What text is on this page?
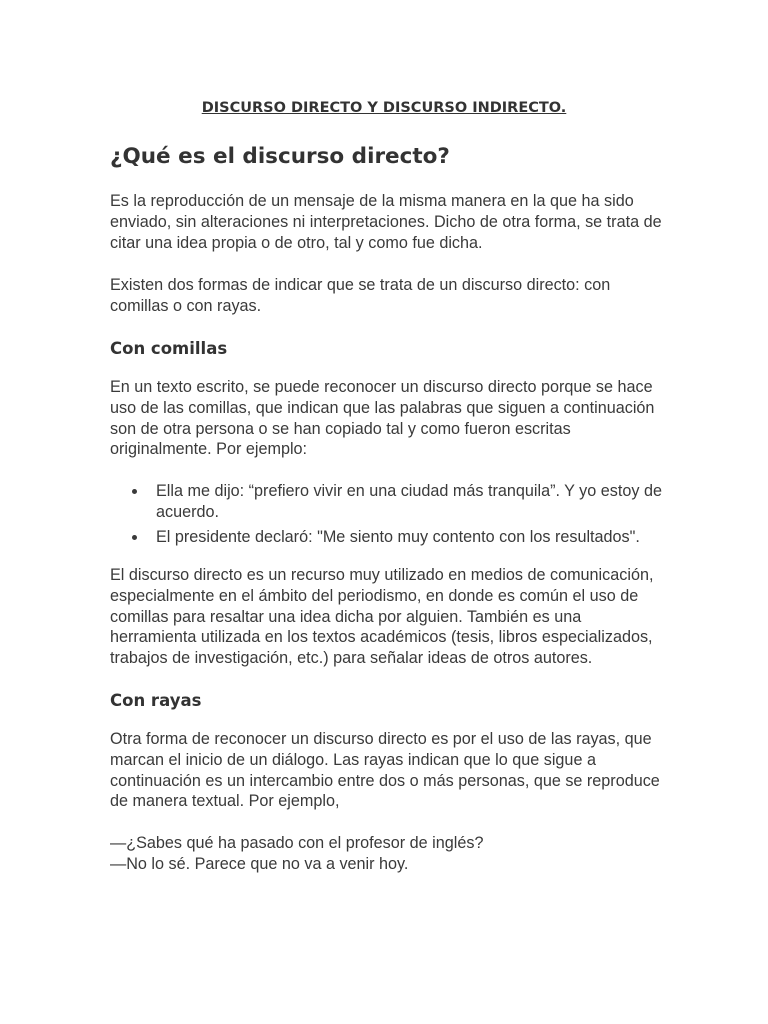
DISCURSO DIRECTO Y DISCURSO INDIRECTO.

¿Qué es el discurso directo?

Es la reproducción de un mensaje de la misma manera en la que ha sido enviado, sin alteraciones ni interpretaciones. Dicho de otra forma, se trata de citar una idea propia o de otro, tal y como fue dicha.

Existen dos formas de indicar que se trata de un discurso directo: con comillas o con rayas.

Con comillas

En un texto escrito, se puede reconocer un discurso directo porque se hace uso de las comillas, que indican que las palabras que siguen a continuación son de otra persona o se han copiado tal y como fueron escritas originalmente. Por ejemplo:

Ella me dijo: “prefiero vivir en una ciudad más tranquila”. Y yo estoy de acuerdo.
El presidente declaró: "Me siento muy contento con los resultados".

El discurso directo es un recurso muy utilizado en medios de comunicación, especialmente en el ámbito del periodismo, en donde es común el uso de comillas para resaltar una idea dicha por alguien. También es una herramienta utilizada en los textos académicos (tesis, libros especializados, trabajos de investigación, etc.) para señalar ideas de otros autores.

Con rayas

Otra forma de reconocer un discurso directo es por el uso de las rayas, que marcan el inicio de un diálogo. Las rayas indican que lo que sigue a continuación es un intercambio entre dos o más personas, que se reproduce de manera textual. Por ejemplo,

—¿Sabes qué ha pasado con el profesor de inglés?

—No lo sé. Parece que no va a venir hoy.
